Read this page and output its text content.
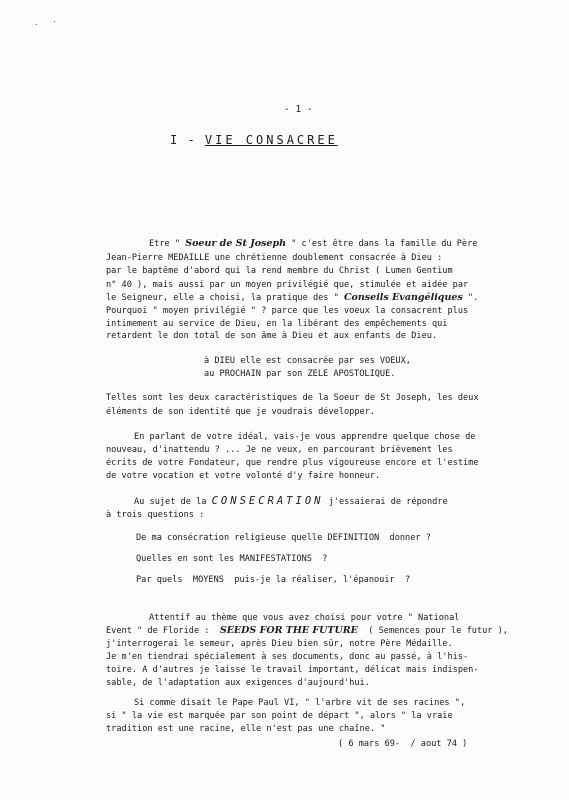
· ·
- 1 -
I - VIE CONSACREE
Etre " Soeur de St Joseph " c'est être dans la famille du Père
Jean-Pierre MEDAILLE une chrétienne doublement consacrée à Dieu :
par le baptême d'abord qui la rend membre du Christ ( Lumen Gentium
n° 40 ), mais aussi par un moyen privilégié que, stimulée et aidée par
le Seigneur, elle a choisi, la pratique des " Conseils Evangéliques ".
Pourquoi " moyen privilégié " ? parce que les voeux la consacrent plus
intimement au service de Dieu, en la libérant des empêchements qui
retardent le don total de son âme à Dieu et aux enfants de Dieu.
à DIEU elle est consacrée par ses VOEUX,
au PROCHAIN par son ZELE APOSTOLIQUE.
Telles sont les deux caractéristiques de la Soeur de St Joseph, les deux
éléments de son identité que je voudrais développer.
En parlant de votre idéal, vais-je vous apprendre quelque chose de
nouveau, d'inattendu ? ... Je ne veux, en parcourant brièvement les
écrits de votre Fondateur, que rendre plus vigoureuse encore et l'estime
de votre vocation et votre volonté d'y faire honneur.
Au sujet de la CONSECRATION j'essaierai de répondre
à trois questions :
De ma consécration religieuse quelle DEFINITION  donner ?
Quelles en sont les MANIFESTATIONS  ?
Par quels  MOYENS  puis-je la réaliser, l'épanouir  ?
Attentif au thème que vous avez choisi pour votre " National
Event " de Floride :  SEEDS FOR THE FUTURE  ( Semences pour le futur ),
j'interrogerai le semeur, après Dieu bien sûr, notre Père Médaille.
Je m'en tiendrai spécialement à ses documents, donc au passé, à l'his-
toire. A d'autres je laisse le travail important, délicat mais indispen-
sable, de l'adaptation aux exigences d'aujourd'hui.
Si comme disait le Pape Paul VI, " l'arbre vit de ses racines ",
si " la vie est marquée par son point de départ ", alors " la vraie
tradition est une racine, elle n'est pas une chaîne. "
( 6 mars 69-  / aout 74 )
